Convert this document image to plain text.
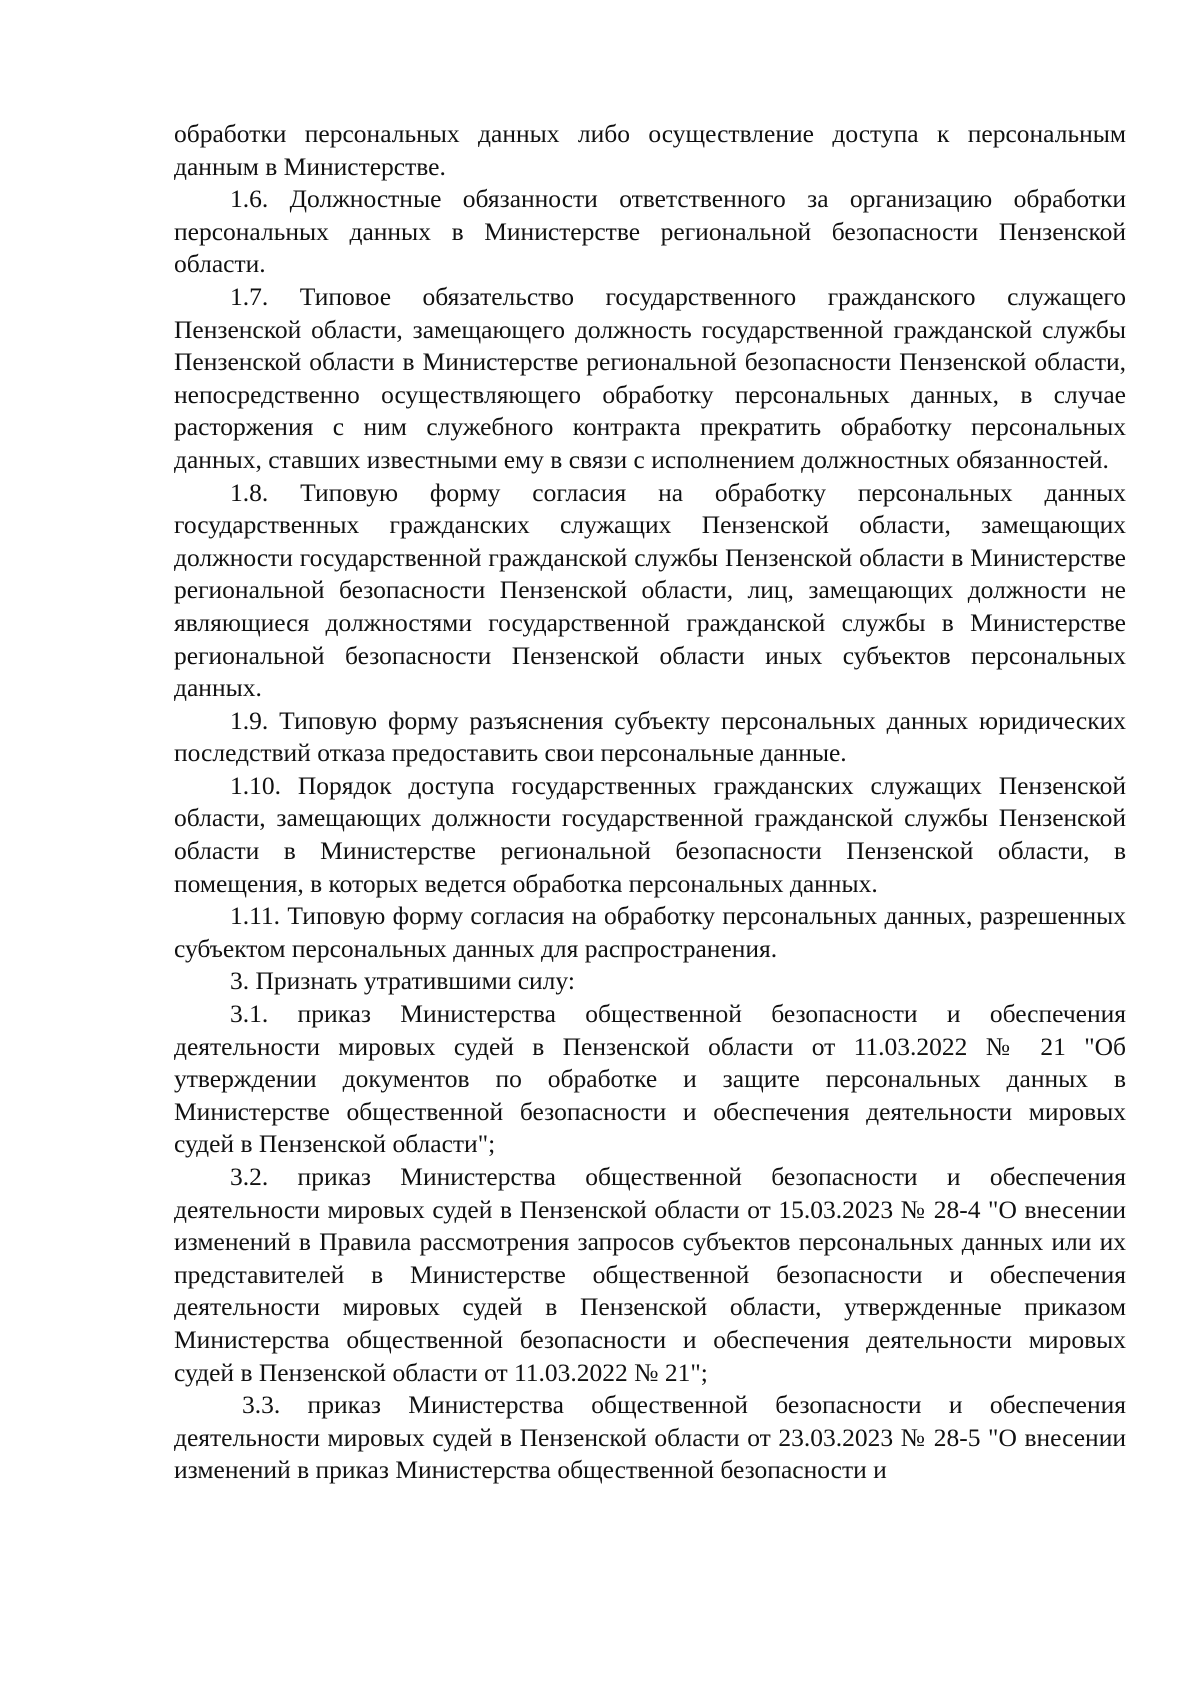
обработки персональных данных либо осуществление доступа к персональным данным в Министерстве.

1.6. Должностные обязанности ответственного за организацию обработки персональных данных в Министерстве региональной безопасности Пензенской области.

1.7. Типовое обязательство государственного гражданского служащего Пензенской области, замещающего должность государственной гражданской службы Пензенской области в Министерстве региональной безопасности Пензенской области, непосредственно осуществляющего обработку персональных данных, в случае расторжения с ним служебного контракта прекратить обработку персональных данных, ставших известными ему в связи с исполнением должностных обязанностей.

1.8. Типовую форму согласия на обработку персональных данных государственных гражданских служащих Пензенской области, замещающих должности государственной гражданской службы Пензенской области в Министерстве региональной безопасности Пензенской области, лиц, замещающих должности не являющиеся должностями государственной гражданской службы в Министерстве региональной безопасности Пензенской области иных субъектов персональных данных.

1.9. Типовую форму разъяснения субъекту персональных данных юридических последствий отказа предоставить свои персональные данные.

1.10. Порядок доступа государственных гражданских служащих Пензенской области, замещающих должности государственной гражданской службы Пензенской области в Министерстве региональной безопасности Пензенской области, в помещения, в которых ведется обработка персональных данных.

1.11. Типовую форму согласия на обработку персональных данных, разрешенных субъектом персональных данных для распространения.

3. Признать утратившими силу:

3.1. приказ Министерства общественной безопасности и обеспечения деятельности мировых судей в Пензенской области от 11.03.2022 № 21 "Об утверждении документов по обработке и защите персональных данных в Министерстве общественной безопасности и обеспечения деятельности мировых судей в Пензенской области";

3.2. приказ Министерства общественной безопасности и обеспечения деятельности мировых судей в Пензенской области от 15.03.2023 № 28-4 "О внесении изменений в Правила рассмотрения запросов субъектов персональных данных или их представителей в Министерстве общественной безопасности и обеспечения деятельности мировых судей в Пензенской области, утвержденные приказом Министерства общественной безопасности и обеспечения деятельности мировых судей в Пензенской области от 11.03.2022 № 21";

3.3. приказ Министерства общественной безопасности и обеспечения деятельности мировых судей в Пензенской области от 23.03.2023 № 28-5 "О внесении изменений в приказ Министерства общественной безопасности и
